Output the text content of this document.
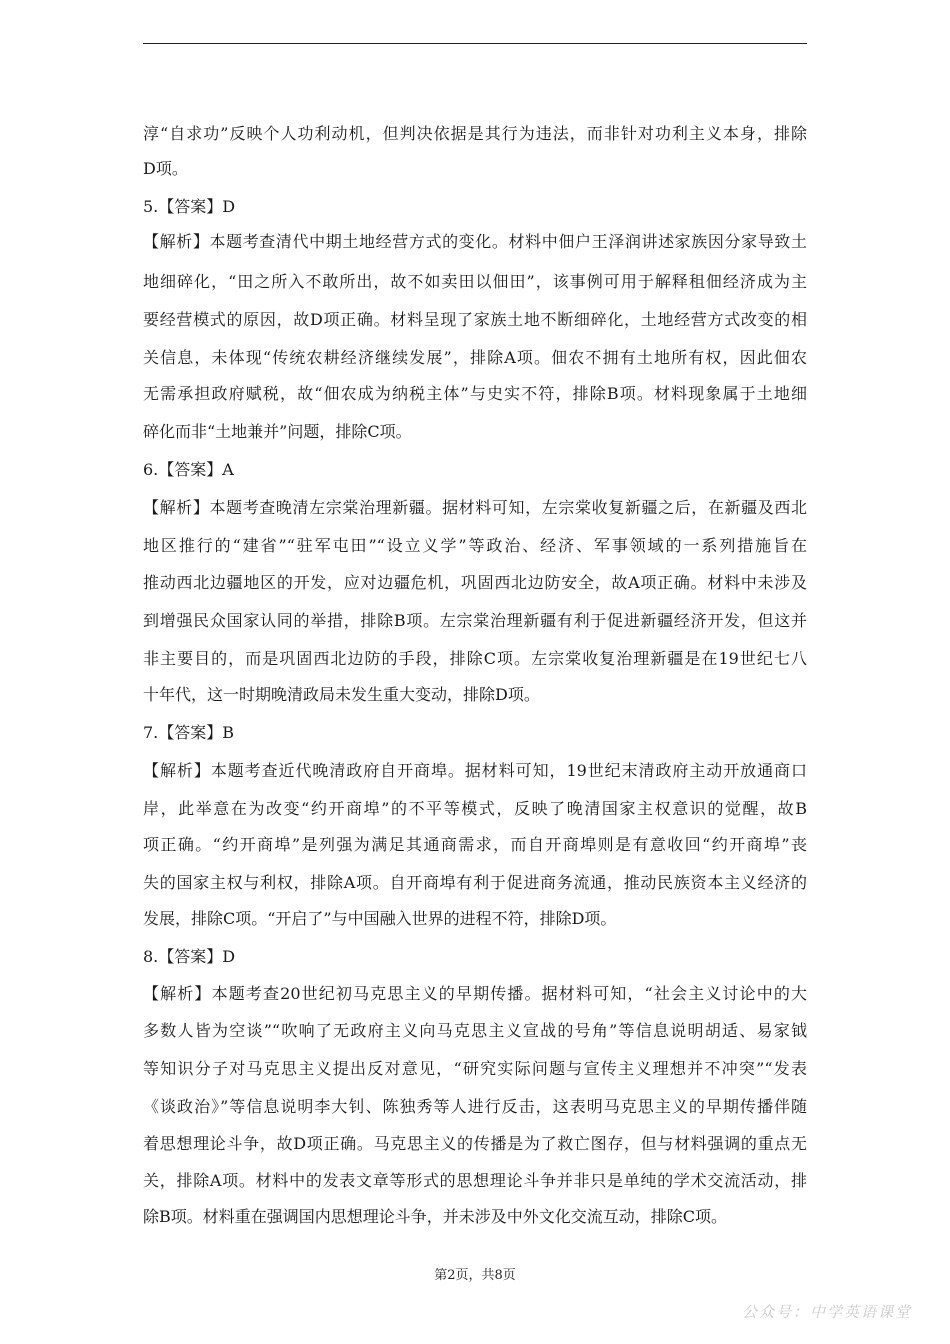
淳“自求功”反映个人功利动机，但判决依据是其行为违法，而非针对功利主义本身，排除
D项。
5.【答案】D
【解析】本题考查清代中期土地经营方式的变化。材料中佃户王泽润讲述家族因分家导致土
地细碎化，“田之所入不敢所出，故不如卖田以佃田”，该事例可用于解释租佃经济成为主
要经营模式的原因，故D项正确。材料呈现了家族土地不断细碎化，土地经营方式改变的相
关信息，未体现“传统农耕经济继续发展”，排除A项。佃农不拥有土地所有权，因此佃农
无需承担政府赋税，故“佃农成为纳税主体”与史实不符，排除B项。材料现象属于土地细
碎化而非“土地兼并”问题，排除C项。
6.【答案】A
【解析】本题考查晚清左宗棠治理新疆。据材料可知，左宗棠收复新疆之后，在新疆及西北
地区推行的“建省”“驻军屯田”“设立义学”等政治、经济、军事领域的一系列措施旨在
推动西北边疆地区的开发，应对边疆危机，巩固西北边防安全，故A项正确。材料中未涉及
到增强民众国家认同的举措，排除B项。左宗棠治理新疆有利于促进新疆经济开发，但这并
非主要目的，而是巩固西北边防的手段，排除C项。左宗棠收复治理新疆是在19世纪七八
十年代，这一时期晚清政局未发生重大变动，排除D项。
7.【答案】B
【解析】本题考查近代晚清政府自开商埠。据材料可知，19世纪末清政府主动开放通商口
岸，此举意在为改变“约开商埠”的不平等模式，反映了晚清国家主权意识的觉醒，故B
项正确。“约开商埠”是列强为满足其通商需求，而自开商埠则是有意收回“约开商埠”丧
失的国家主权与利权，排除A项。自开商埠有利于促进商务流通，推动民族资本主义经济的
发展，排除C项。“开启了”与中国融入世界的进程不符，排除D项。
8.【答案】D
【解析】本题考查20世纪初马克思主义的早期传播。据材料可知，“社会主义讨论中的大
多数人皆为空谈”“吹响了无政府主义向马克思主义宣战的号角”等信息说明胡适、易家钺
等知识分子对马克思主义提出反对意见，“研究实际问题与宣传主义理想并不冲突”“发表
《谈政治》”等信息说明李大钊、陈独秀等人进行反击，这表明马克思主义的早期传播伴随
着思想理论斗争，故D项正确。马克思主义的传播是为了救亡图存，但与材料强调的重点无
关，排除A项。材料中的发表文章等形式的思想理论斗争并非只是单纯的学术交流活动，排
除B项。材料重在强调国内思想理论斗争，并未涉及中外文化交流互动，排除C项。
第2页，共8页
公众号：中学英语课堂
